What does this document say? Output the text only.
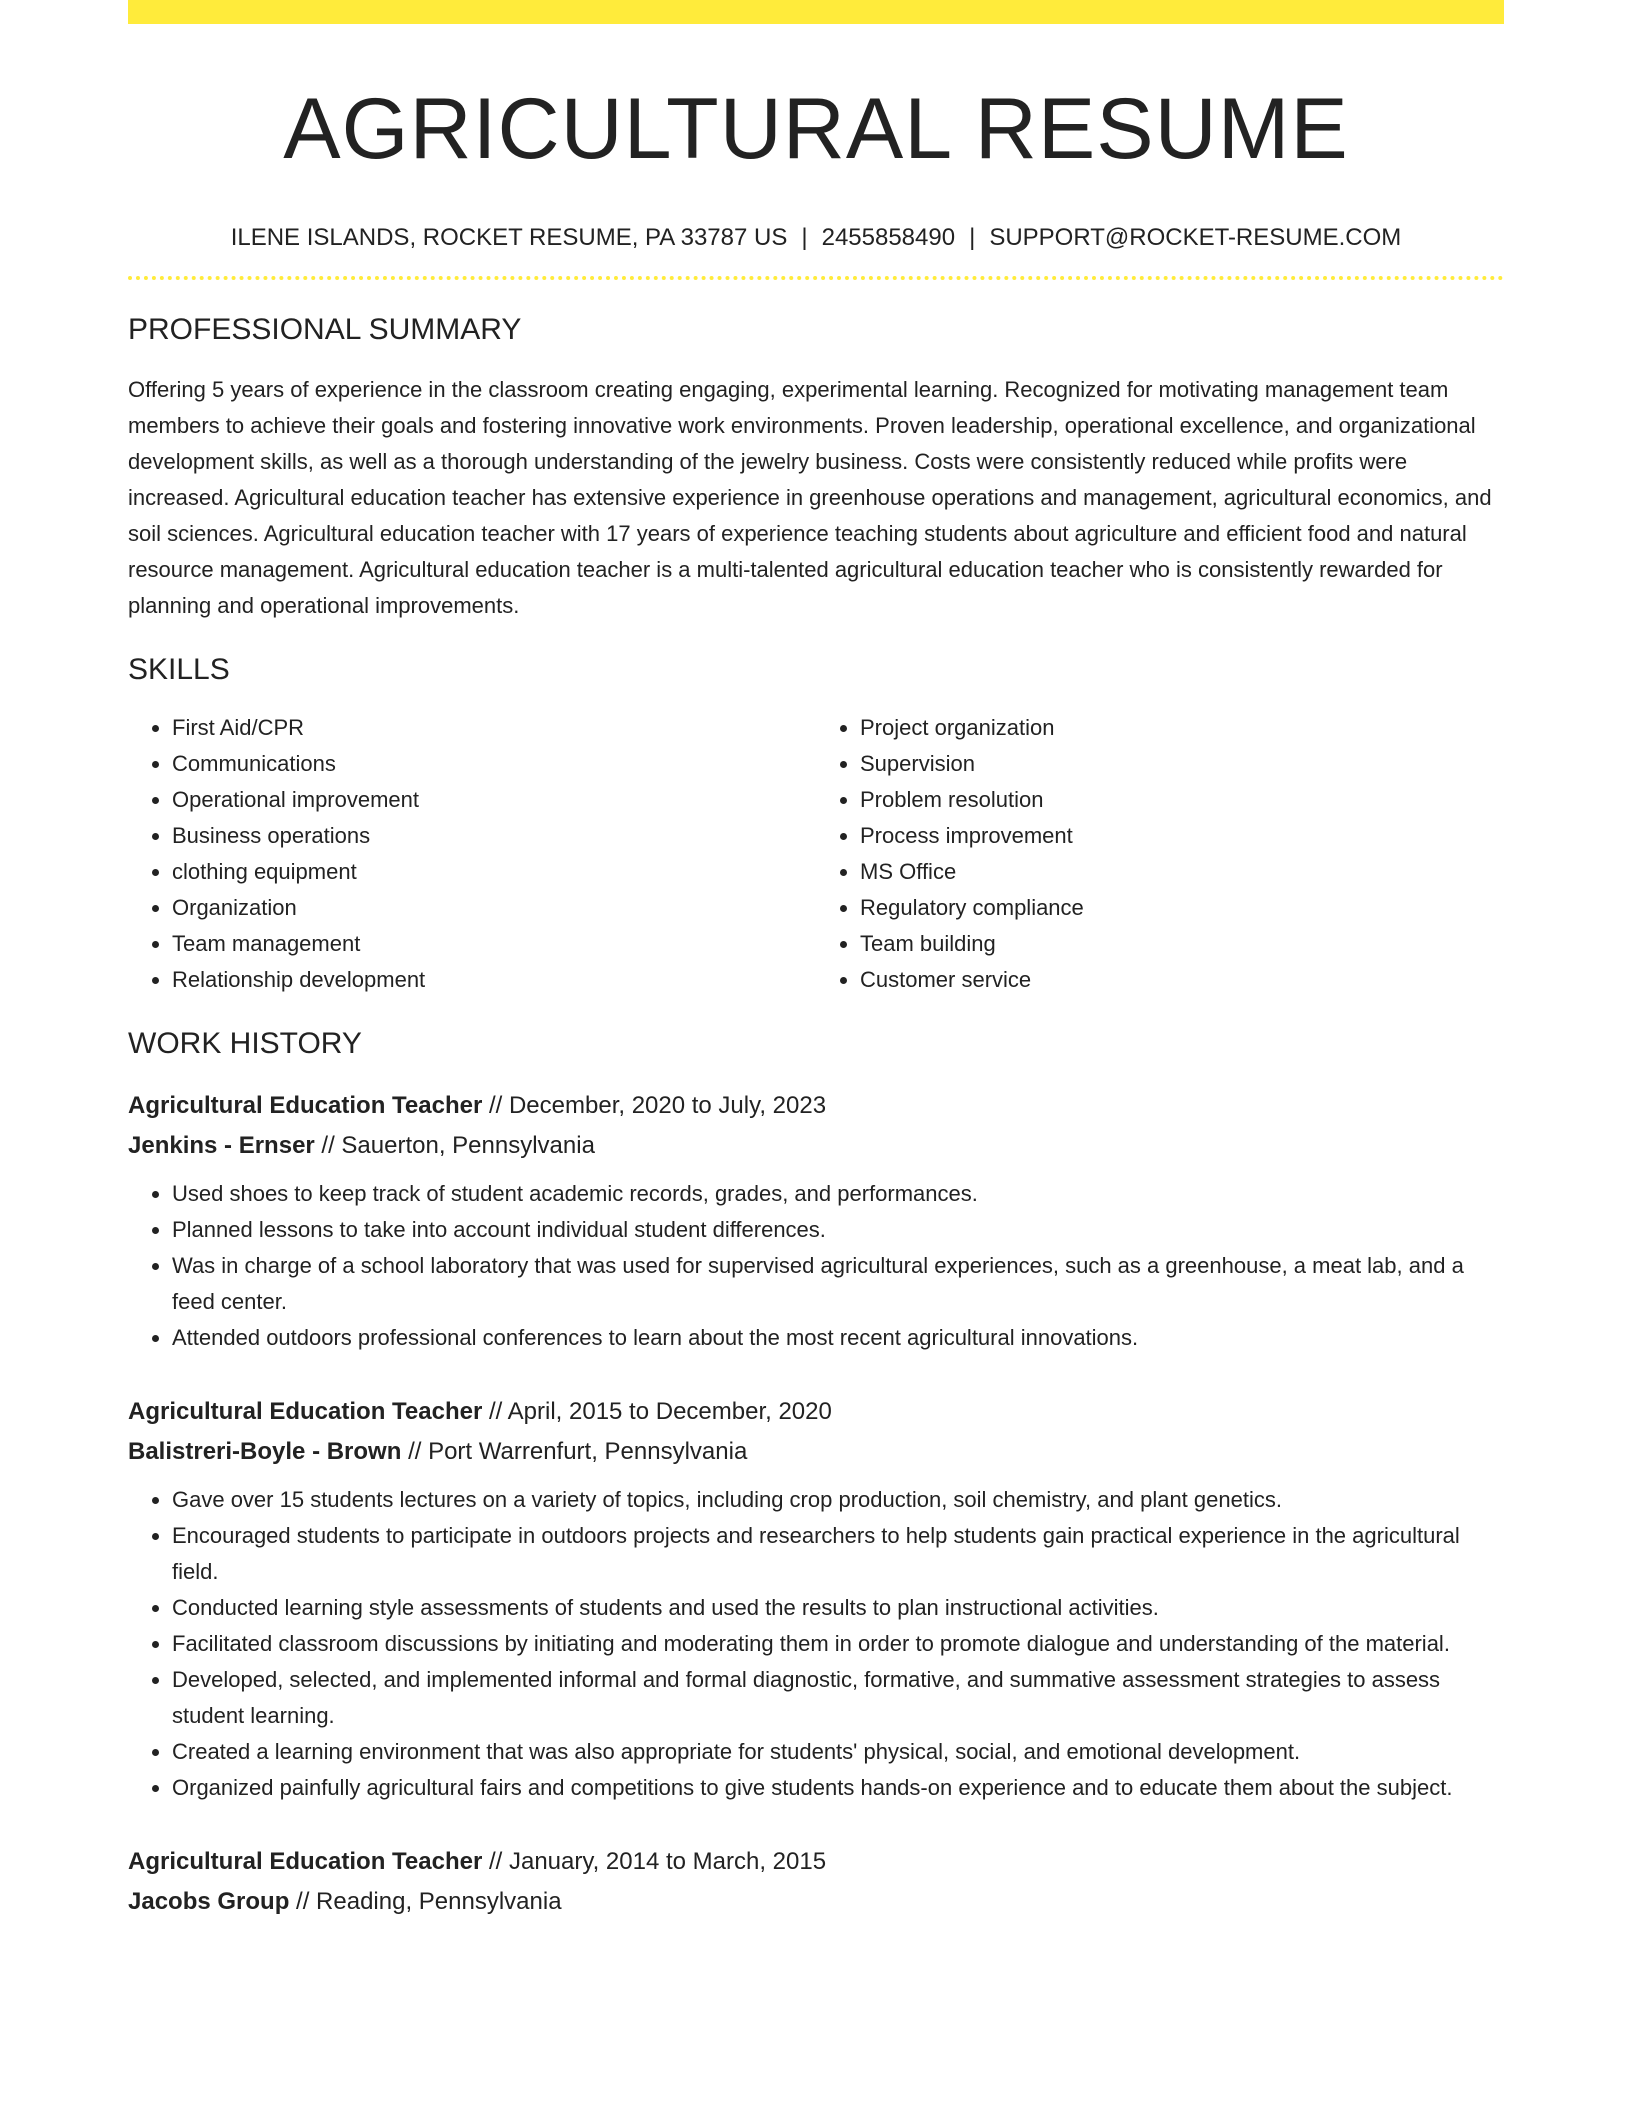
AGRICULTURAL RESUME
ILENE ISLANDS, ROCKET RESUME, PA 33787 US | 2455858490 | SUPPORT@ROCKET-RESUME.COM
PROFESSIONAL SUMMARY

Offering 5 years of experience in the classroom creating engaging, experimental learning. Recognized for motivating management team members to achieve their goals and fostering innovative work environments. Proven leadership, operational excellence, and organizational development skills, as well as a thorough understanding of the jewelry business. Costs were consistently reduced while profits were increased. Agricultural education teacher has extensive experience in greenhouse operations and management, agricultural economics, and soil sciences. Agricultural education teacher with 17 years of experience teaching students about agriculture and efficient food and natural resource management. Agricultural education teacher is a multi-talented agricultural education teacher who is consistently rewarded for planning and operational improvements.

SKILLS
• First Aid/CPR
• Communications
• Operational improvement
• Business operations
• clothing equipment
• Organization
• Team management
• Relationship development
• Project organization
• Supervision
• Problem resolution
• Process improvement
• MS Office
• Regulatory compliance
• Team building
• Customer service
WORK HISTORY
Agricultural Education Teacher // December, 2020 to July, 2023
Jenkins - Ernser // Sauerton, Pennsylvania
• Used shoes to keep track of student academic records, grades, and performances.
• Planned lessons to take into account individual student differences.
• Was in charge of a school laboratory that was used for supervised agricultural experiences, such as a greenhouse, a meat lab, and a feed center.
• Attended outdoors professional conferences to learn about the most recent agricultural innovations.
Agricultural Education Teacher // April, 2015 to December, 2020
Balistreri-Boyle - Brown // Port Warrenfurt, Pennsylvania
• Gave over 15 students lectures on a variety of topics, including crop production, soil chemistry, and plant genetics.
• Encouraged students to participate in outdoors projects and researchers to help students gain practical experience in the agricultural field.
• Conducted learning style assessments of students and used the results to plan instructional activities.
• Facilitated classroom discussions by initiating and moderating them in order to promote dialogue and understanding of the material.
• Developed, selected, and implemented informal and formal diagnostic, formative, and summative assessment strategies to assess student learning.
• Created a learning environment that was also appropriate for students' physical, social, and emotional development.
• Organized painfully agricultural fairs and competitions to give students hands-on experience and to educate them about the subject.
Agricultural Education Teacher // January, 2014 to March, 2015
Jacobs Group // Reading, Pennsylvania
